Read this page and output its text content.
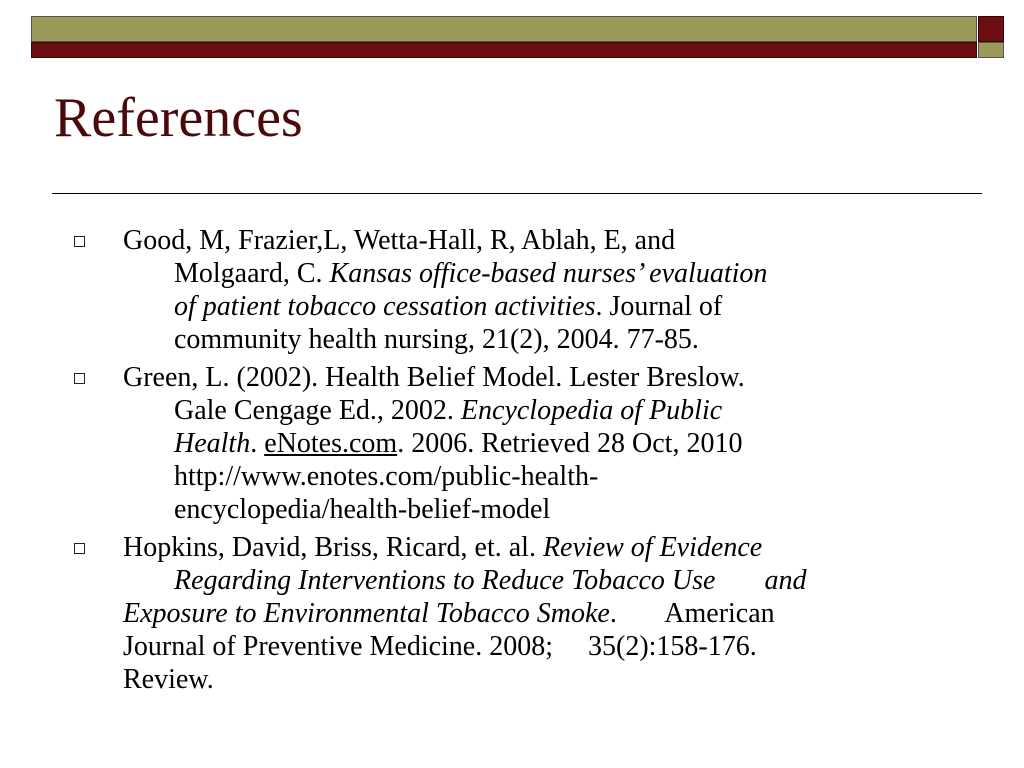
References
Good, M, Frazier,L, Wetta-Hall, R, Ablah, E, and
Molgaard, C. Kansas office-based nurses’ evaluation
of patient tobacco cessation activities. Journal of
community health nursing, 21(2), 2004. 77-85.
Green, L. (2002). Health Belief Model. Lester Breslow.
Gale Cengage Ed., 2002. Encyclopedia of Public
Health. eNotes.com. 2006. Retrieved 28 Oct, 2010
http://www.enotes.com/public-health-
encyclopedia/health-belief-model
Hopkins, David, Briss, Ricard, et. al. Review of Evidence
Regarding Interventions to Reduce Tobacco Use       and
Exposure to Environmental Tobacco Smoke.       American
Journal of Preventive Medicine. 2008;     35(2):158-176.
Review.
